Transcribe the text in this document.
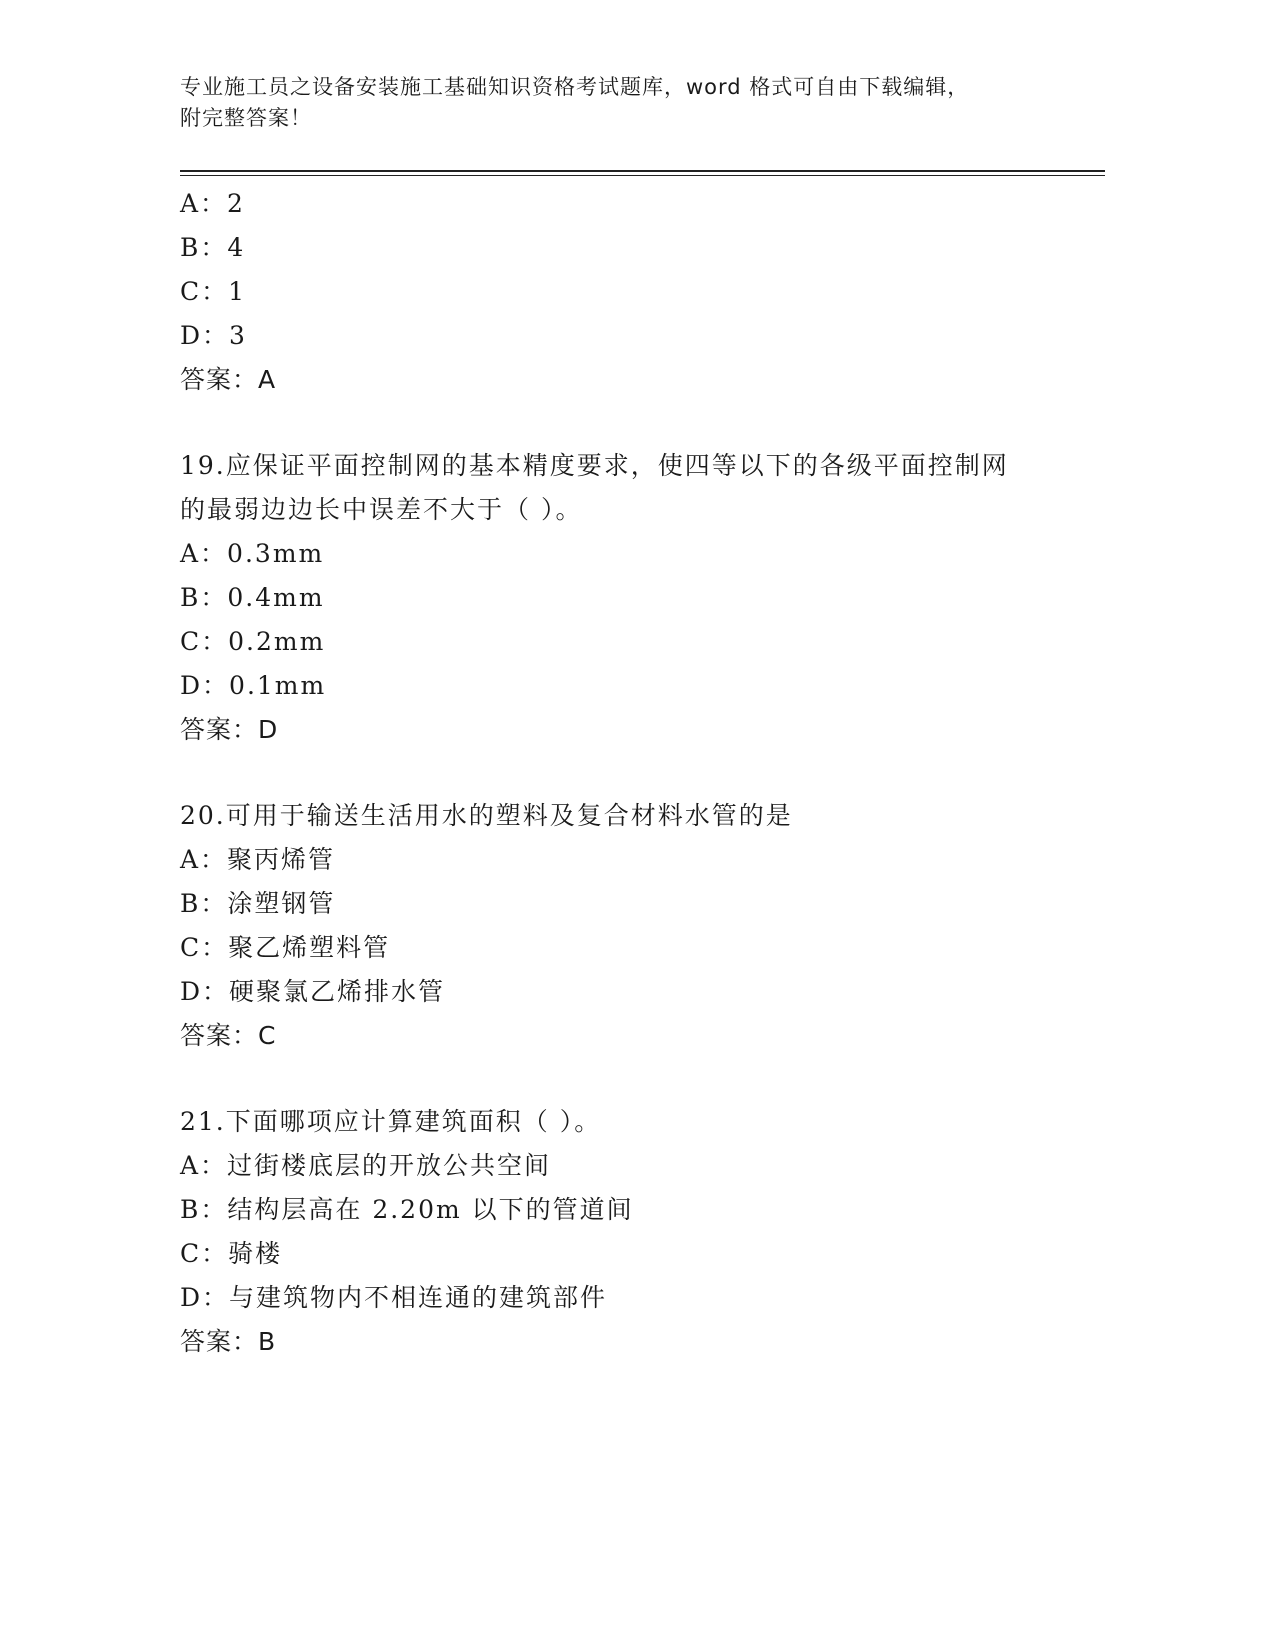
专业施工员之设备安装施工基础知识资格考试题库，word 格式可自由下载编辑，
附完整答案！
A：2
B：4
C：1
D：3
答案：A
19.应保证平面控制网的基本精度要求，使四等以下的各级平面控制网
的最弱边边长中误差不大于（ ）。
A：0.3mm
B：0.4mm
C：0.2mm
D：0.1mm
答案：D
20.可用于输送生活用水的塑料及复合材料水管的是
A：聚丙烯管
B：涂塑钢管
C：聚乙烯塑料管
D：硬聚氯乙烯排水管
答案：C
21.下面哪项应计算建筑面积（ ）。
A：过街楼底层的开放公共空间
B：结构层高在 2.20m 以下的管道间
C：骑楼
D：与建筑物内不相连通的建筑部件
答案：B
